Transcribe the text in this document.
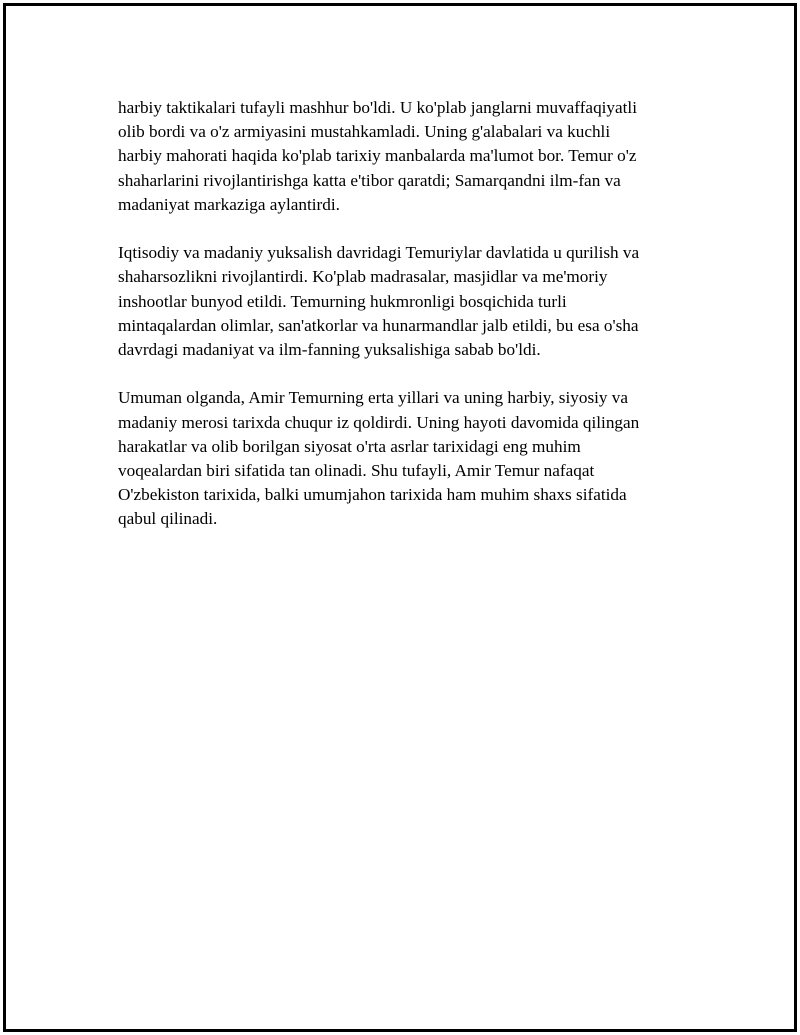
harbiy taktikalari tufayli mashhur bo'ldi. U ko'plab janglarni muvaffaqiyatli
olib bordi va o'z armiyasini mustahkamladi. Uning g'alabalari va kuchli
harbiy mahorati haqida ko'plab tarixiy manbalarda ma'lumot bor. Temur o'z
shaharlarini rivojlantirishga katta e'tibor qaratdi; Samarqandni ilm-fan va
madaniyat markaziga aylantirdi.

Iqtisodiy va madaniy yuksalish davridagi Temuriylar davlatida u qurilish va
shaharsozlikni rivojlantirdi. Ko'plab madrasalar, masjidlar va me'moriy
inshootlar bunyod etildi. Temurning hukmronligi bosqichida turli
mintaqalardan olimlar, san'atkorlar va hunarmandlar jalb etildi, bu esa o'sha
davrdagi madaniyat va ilm-fanning yuksalishiga sabab bo'ldi.

Umuman olganda, Amir Temurning erta yillari va uning harbiy, siyosiy va
madaniy merosi tarixda chuqur iz qoldirdi. Uning hayoti davomida qilingan
harakatlar va olib borilgan siyosat o'rta asrlar tarixidagi eng muhim
voqealardan biri sifatida tan olinadi. Shu tufayli, Amir Temur nafaqat
O'zbekiston tarixida, balki umumjahon tarixida ham muhim shaxs sifatida
qabul qilinadi.
